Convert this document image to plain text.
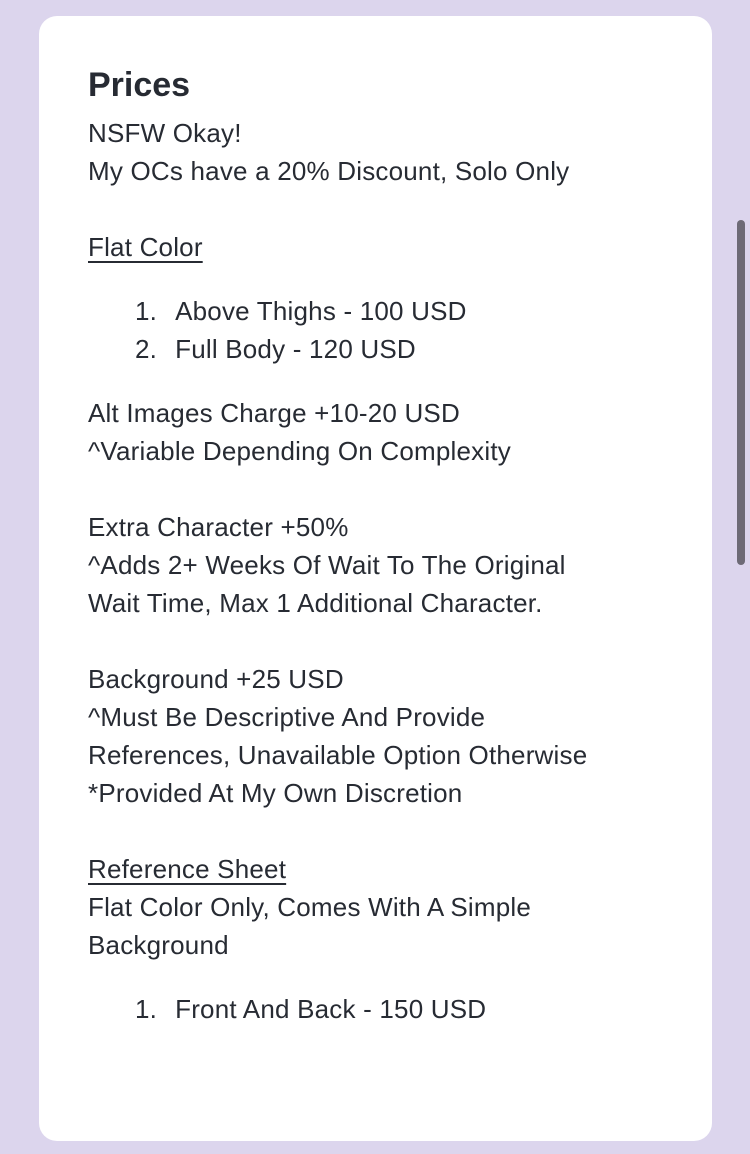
Prices
NSFW Okay!
My OCs have a 20% Discount, Solo Only
Flat Color
Above Thighs - 100 USD
Full Body - 120 USD
Alt Images Charge +10-20 USD
^Variable Depending On Complexity
Extra Character +50%
^Adds 2+ Weeks Of Wait To The Original
Wait Time, Max 1 Additional Character.
Background +25 USD
^Must Be Descriptive And Provide
References, Unavailable Option Otherwise
*Provided At My Own Discretion
Reference Sheet
Flat Color Only, Comes With A Simple
Background
Front And Back - 150 USD
